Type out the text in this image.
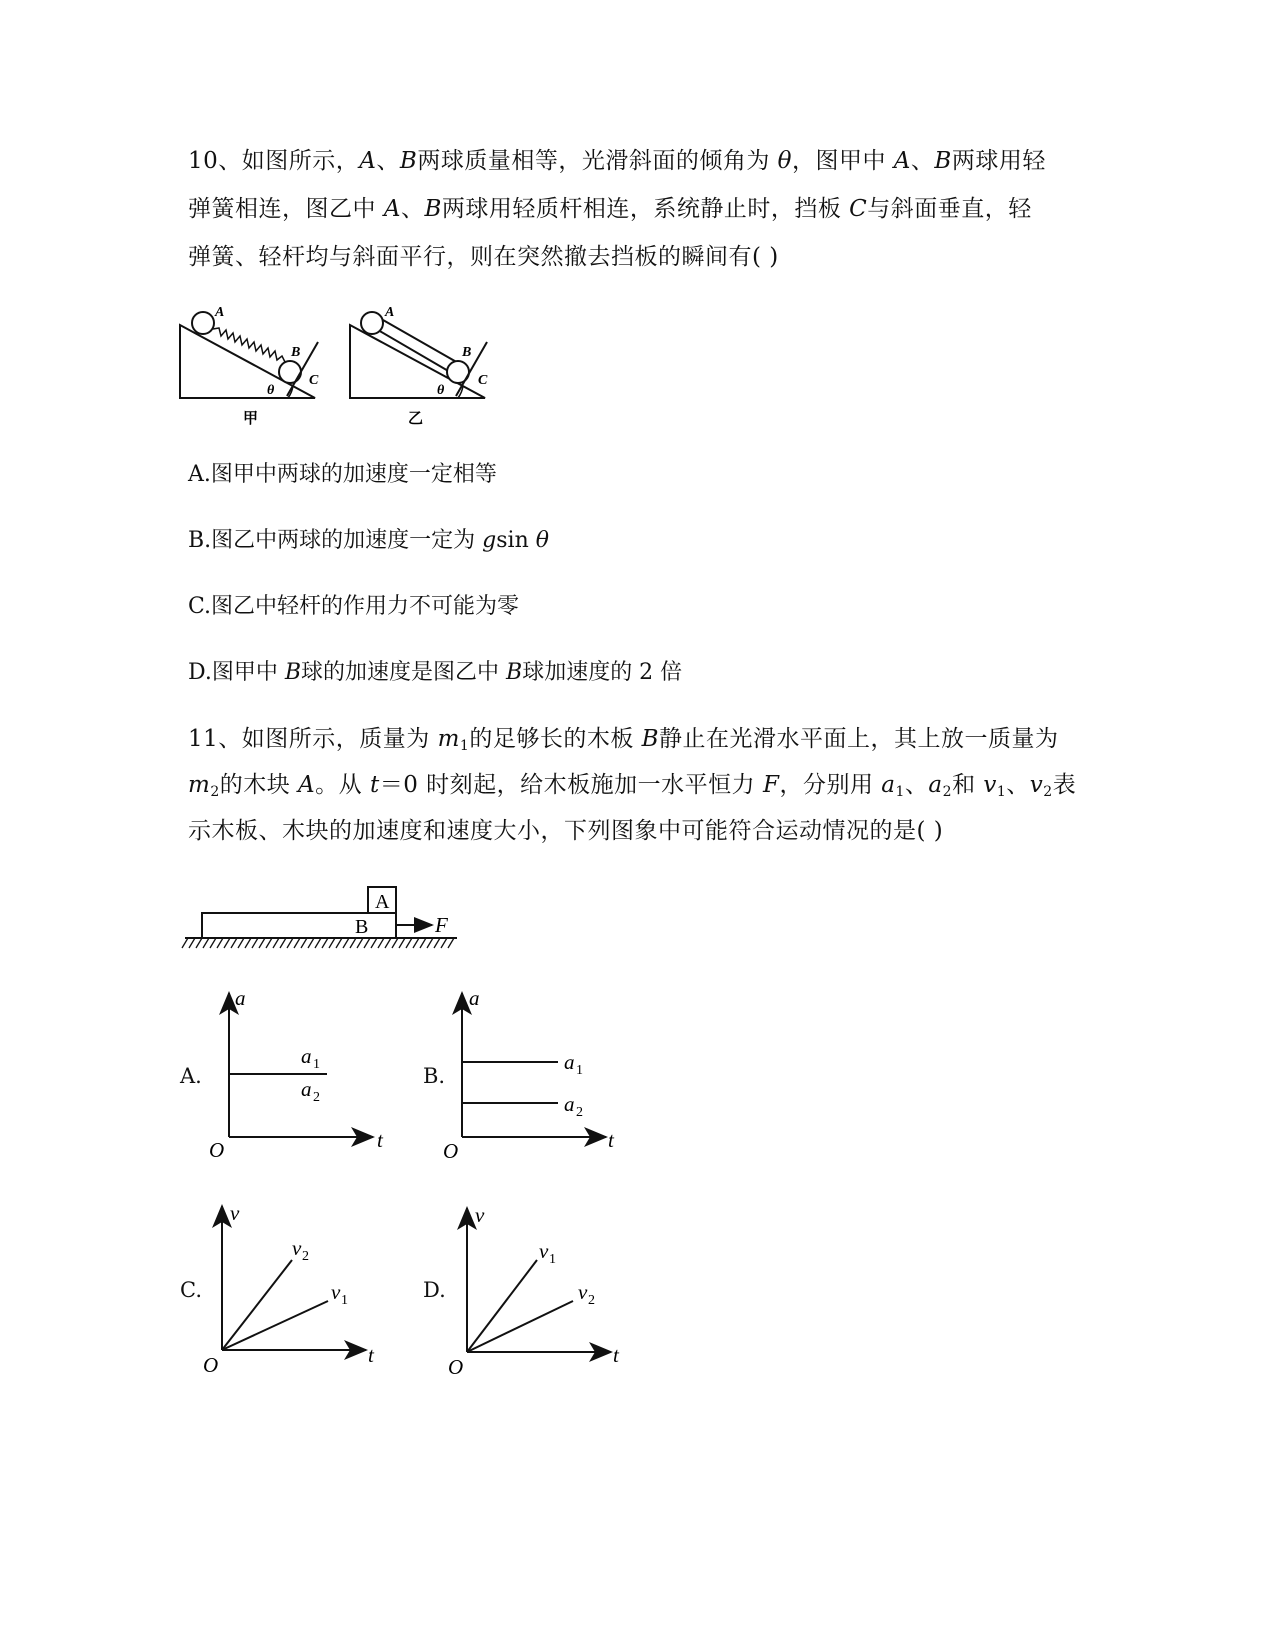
10、如图所示，A、B两球质量相等，光滑斜面的倾角为 θ，图甲中 A、B两球用轻
弹簧相连，图乙中 A、B两球用轻质杆相连，系统静止时，挡板 C与斜面垂直，轻
弹簧、轻杆均与斜面平行，则在突然撤去挡板的瞬间有( )
A
B
C
θ
甲
A
B
C
θ
乙
A.图甲中两球的加速度一定相等
B.图乙中两球的加速度一定为 gsin θ
C.图乙中轻杆的作用力不可能为零
D.图甲中 B球的加速度是图乙中 B球加速度的 2 倍
11、如图所示，质量为 $m_1$的足够长的木板 B静止在光滑水平面上，其上放一质量为
$m_2$的木块 A。从 t＝0 时刻起，给木板施加一水平恒力 F，分别用 $a_1$、$a_2$和 $v_1$、$v_2$表
示木板、木块的加速度和速度大小，下列图象中可能符合运动情况的是( )
A
B	F
A.	B.
C.	D.
a
t
O
a 1
a 2
a
t
O
a 1
a 2
v
t
O
v 2
v 1
v
t
O
v 1
v 2
